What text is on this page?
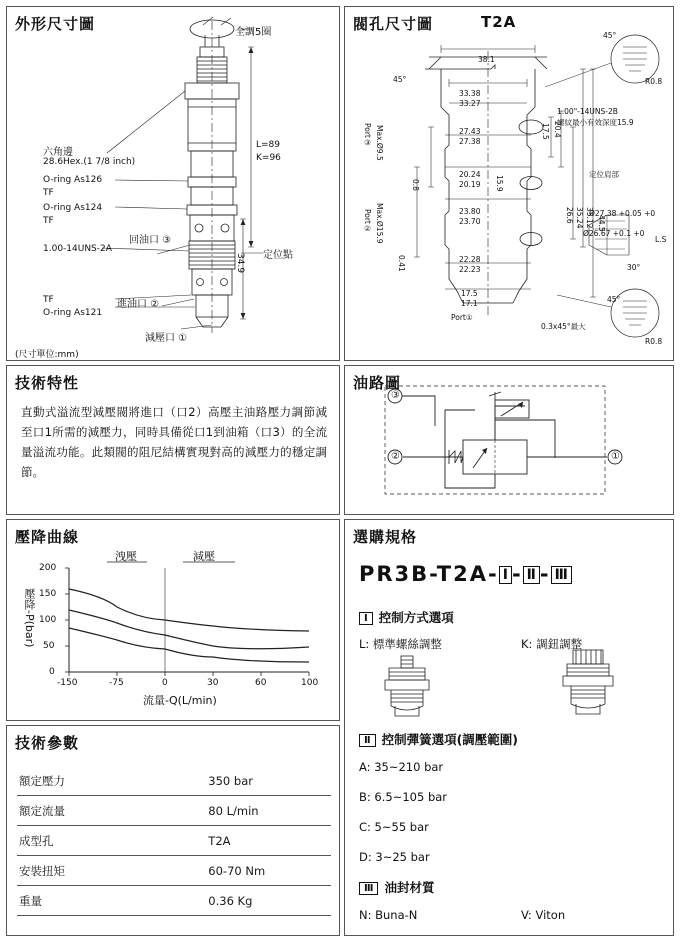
外形尺寸圖	全調5圈
六角邊
28.6Hex.(1 7/8 inch)
O-ring As126
TF
O-ring As124
TF
回油口 ③
1.00-14UNS-2A
TF	進油口 ②
O-ring As121
減壓口 ①
定位點
L=89
K=96
34.9
(尺寸單位:mm)
閥孔尺寸圖	T2A
38.1
33.38
33.27
27.43
27.38
20.24
20.19
23.80
23.70
22.28
22.23
17.5
17.1
0.8
0.41
17.5 20.4
15.9
26.6 35.24 35.12 44.5
1.00"-14UNS-2B
螺紋最小有效深度15.9
定位肩部
Ø27.38 +0.05 +0
Ø26.67 +0.1 +0
L.S
0.3x45°最大
45°
45°
45°
30°
R0.8
R0.8
Port③ Max.Ø9.5
Port② Max.Ø15.9
Port①
技術特性
直動式溢流型減壓閥將進口（口2）高壓主油路壓力調節減至口1所需的減壓力，同時具備從口1到油箱（口3）的全流量溢流功能。此類閥的阻尼結構實現對高的減壓力的穩定調節。
油路圖
②	①
③
壓降曲線
0
50
100
150
200
-150	-75	0	30	60	100
壓降-P(bar)
流量-Q(L/min)
洩壓	減壓
技術參數
額定壓力	350 bar
額定流量	80 L/min
成型孔	T2A
安裝扭矩	60-70 Nm
重量	0.36 Kg
選購規格
PR3B-T2A- Ⅰ - Ⅱ - Ⅲ
Ⅰ 控制方式選項
L: 標準螺絲調整	K: 調鈕調整
Ⅱ 控制彈簧選項(調壓範圍)
A: 35~210 bar
B: 6.5~105 bar
C: 5~55 bar
D: 3~25 bar
Ⅲ 油封材質
N: Buna-N	V: Viton
